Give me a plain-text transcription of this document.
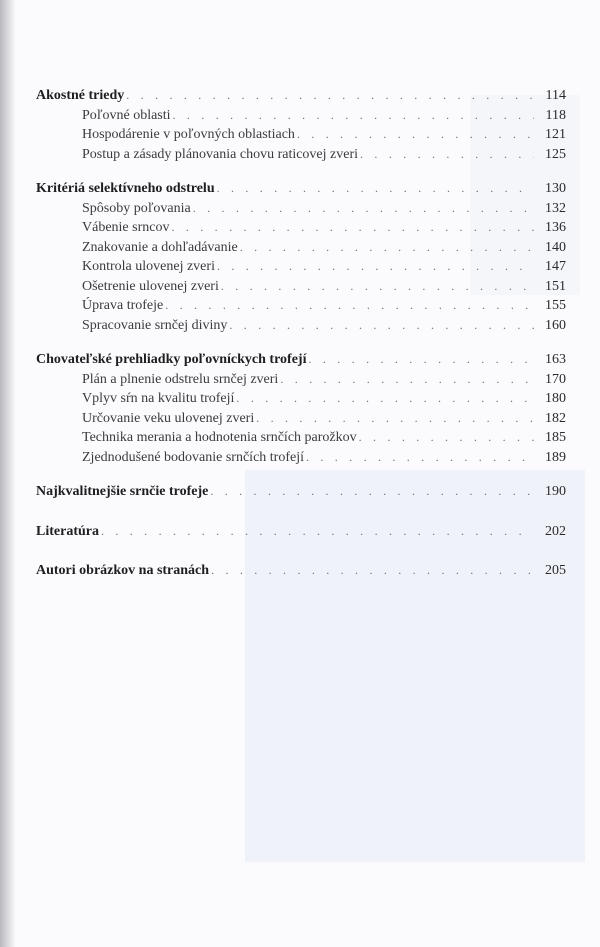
Akostné triedy . . .	114
Poľovné oblasti . . .	118
Hospodárenie v poľovných oblastiach . . .	121
Postup a zásady plánovania chovu raticovej zveri . . .	125
Kritériá selektívneho odstrelu . . .	130
Spôsoby poľovania . . .	132
Vábenie srncov . . .	136
Znakovanie a dohľadávanie . . .	140
Kontrola ulovenej zveri . . .	147
Ošetrenie ulovenej zveri . . .	151
Úprava trofeje . . .	155
Spracovanie srnčej diviny . . .	160
Chovateľské prehliadky poľovníckych trofejí . . .	163
Plán a plnenie odstrelu srnčej zveri . . .	170
Vplyv sŕn na kvalitu trofejí . . .	180
Určovanie veku ulovenej zveri . . .	182
Technika merania a hodnotenia srnčích parožkov . . .	185
Zjednodušené bodovanie srnčích trofejí . . .	189
Najkvalitnejšie srnčie trofeje . . .	190
Literatúra . . .	202
Autori obrázkov na stranách . . .	205
